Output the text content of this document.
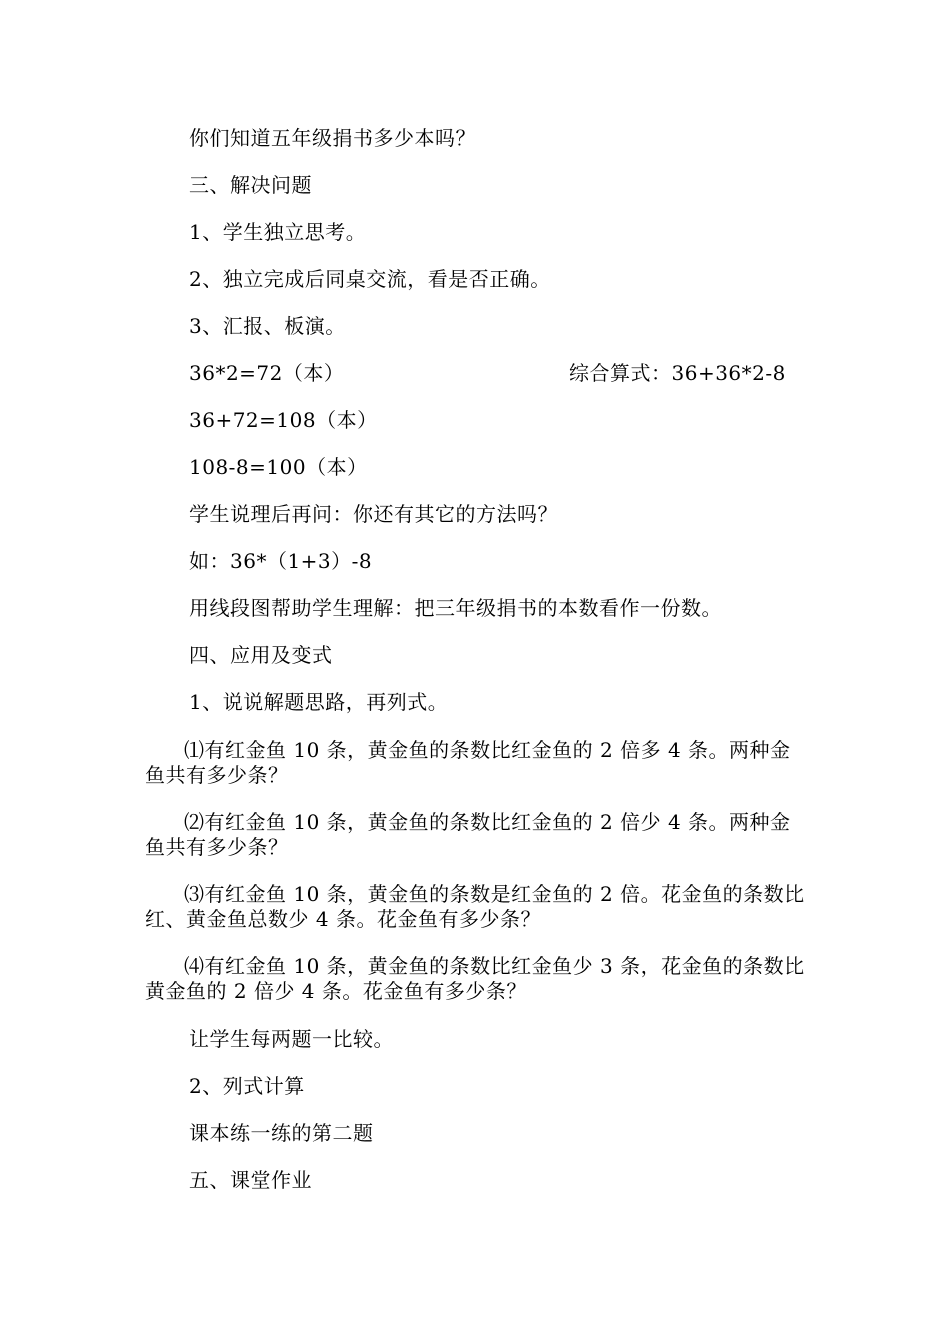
你们知道五年级捐书多少本吗？

三、解决问题

1、学生独立思考。

2、独立完成后同桌交流，看是否正确。

3、汇报、板演。

36*2=72（本）	综合算式：36+36*2-8

36+72=108（本）

108-8=100（本）

学生说理后再问：你还有其它的方法吗？

如：36*（1+3）-8

用线段图帮助学生理解：把三年级捐书的本数看作一份数。

四、应用及变式

1、说说解题思路，再列式。

⑴有红金鱼 10 条，黄金鱼的条数比红金鱼的 2 倍多 4 条。两种金鱼共有多少条？

⑵有红金鱼 10 条，黄金鱼的条数比红金鱼的 2 倍少 4 条。两种金鱼共有多少条？

⑶有红金鱼 10 条，黄金鱼的条数是红金鱼的 2 倍。花金鱼的条数比红、黄金鱼总数少 4 条。花金鱼有多少条？

⑷有红金鱼 10 条，黄金鱼的条数比红金鱼少 3 条，花金鱼的条数比黄金鱼的 2 倍少 4 条。花金鱼有多少条？

让学生每两题一比较。

2、列式计算

课本练一练的第二题

五、课堂作业
